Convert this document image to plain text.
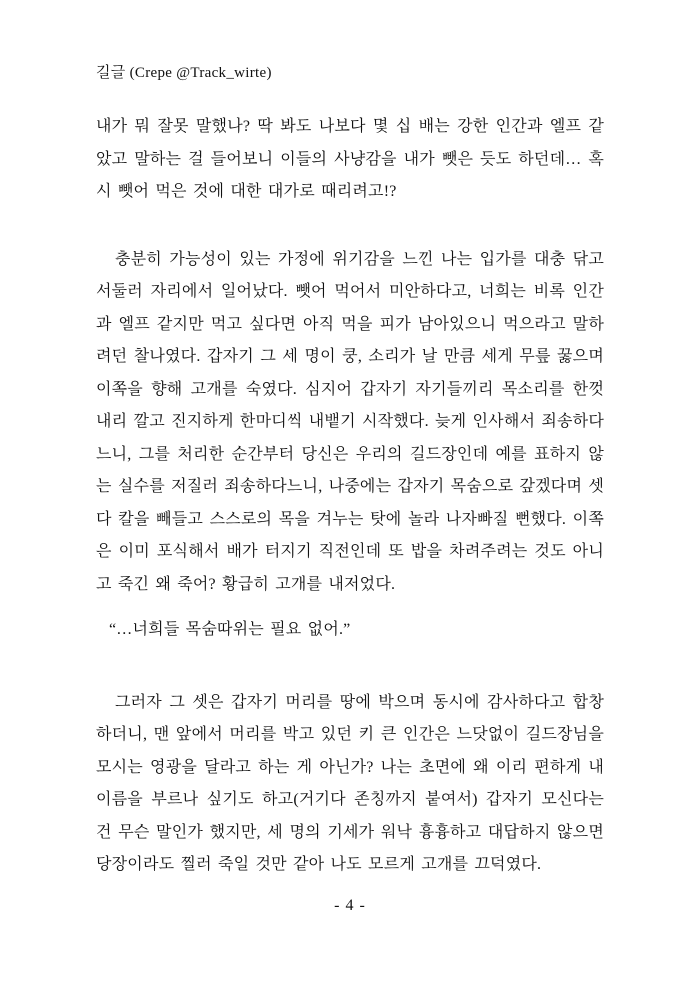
길글 (Crepe @Track_wirte)

내가 뭐 잘못 말했나? 딱 봐도 나보다 몇 십 배는 강한 인간과 엘프 같았고 말하는 걸 들어보니 이들의 사냥감을 내가 뺏은 듯도 하던데… 혹시 뺏어 먹은 것에 대한 대가로 때리려고!?

충분히 가능성이 있는 가정에 위기감을 느낀 나는 입가를 대충 닦고 서둘러 자리에서 일어났다. 뺏어 먹어서 미안하다고, 너희는 비록 인간과 엘프 같지만 먹고 싶다면 아직 먹을 피가 남아있으니 먹으라고 말하려던 찰나였다. 갑자기 그 세 명이 쿵, 소리가 날 만큼 세게 무릎 꿇으며 이쪽을 향해 고개를 숙였다. 심지어 갑자기 자기들끼리 목소리를 한껏 내리 깔고 진지하게 한마디씩 내뱉기 시작했다. 늦게 인사해서 죄송하다느니, 그를 처리한 순간부터 당신은 우리의 길드장인데 예를 표하지 않는 실수를 저질러 죄송하다느니, 나중에는 갑자기 목숨으로 갚겠다며 셋 다 칼을 빼들고 스스로의 목을 겨누는 탓에 놀라 나자빠질 뻔했다. 이쪽은 이미 포식해서 배가 터지기 직전인데 또 밥을 차려주려는 것도 아니고 죽긴 왜 죽어? 황급히 고개를 내저었다.

“…너희들 목숨따위는 필요 없어.”

그러자 그 셋은 갑자기 머리를 땅에 박으며 동시에 감사하다고 합창하더니, 맨 앞에서 머리를 박고 있던 키 큰 인간은 느닷없이 길드장님을 모시는 영광을 달라고 하는 게 아닌가? 나는 초면에 왜 이리 편하게 내 이름을 부르나 싶기도 하고(거기다 존칭까지 붙여서) 갑자기 모신다는 건 무슨 말인가 했지만, 세 명의 기세가 워낙 흉흉하고 대답하지 않으면 당장이라도 찔러 죽일 것만 같아 나도 모르게 고개를 끄덕였다.

- 4 -
